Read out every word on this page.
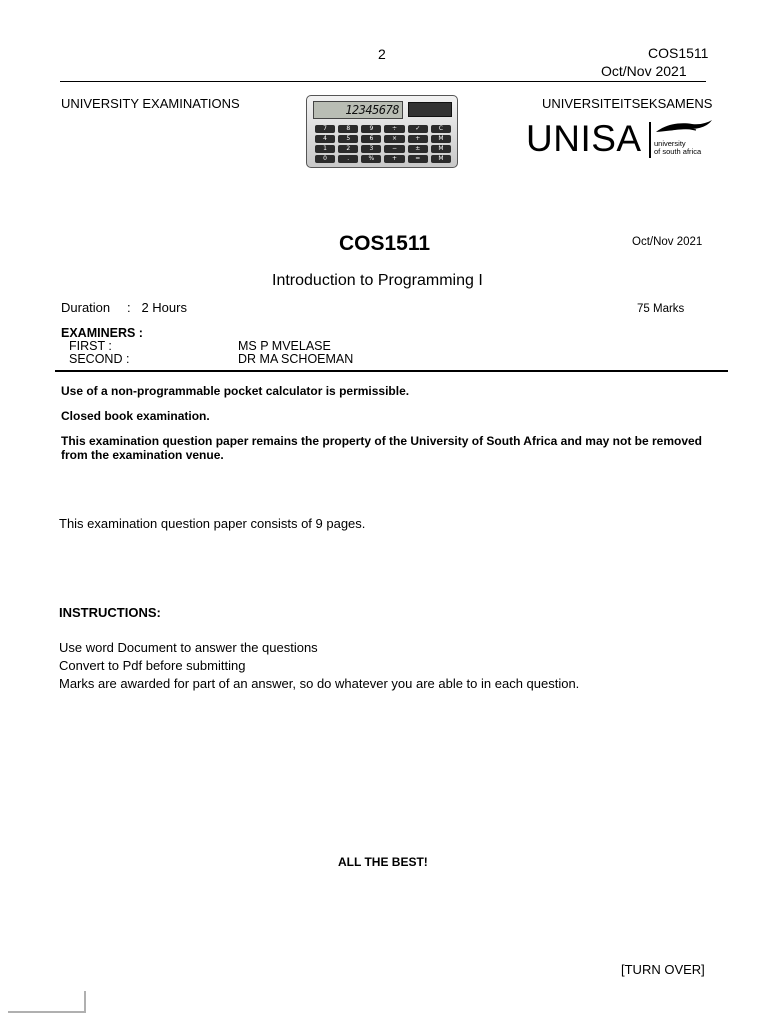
2	COS1511
Oct/Nov 2021
UNIVERSITY EXAMINATIONS	UNIVERSITEITSEKSAMENS
12345678
7	8	9	÷	✓	C
4	5	6	×	+	M
1	2	3	−	±	M
0	.	%	+	=	M UNISA university
of south africa
COS1511	Oct/Nov 2021
Introduction to Programming I
Duration :   2 Hours	75 Marks
EXAMINERS :
FIRST :	MS P MVELASE
SECOND :	DR MA SCHOEMAN
Use of a non-programmable pocket calculator is permissible.
Closed book examination.
This examination question paper remains the property of the University of South Africa and may not be removed from the examination venue.
This examination question paper consists of 9 pages.
INSTRUCTIONS:
Use word Document to answer the questions
Convert to Pdf before submitting
Marks are awarded for part of an answer, so do whatever you are able to in each question.
ALL THE BEST!
[TURN OVER]
